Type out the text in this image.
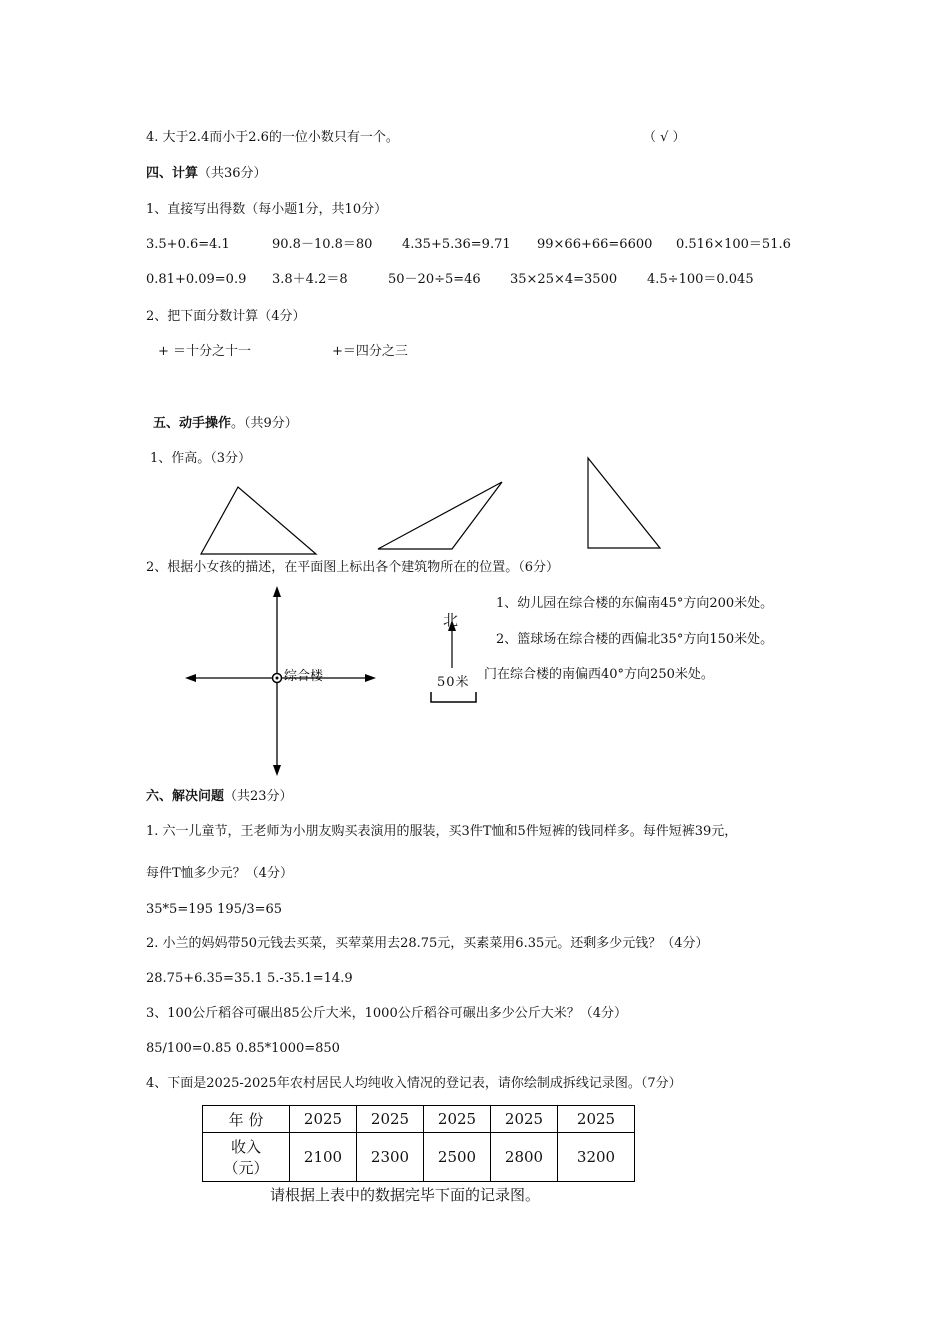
4. 大于2.4而小于2.6的一位小数只有一个。	（ √ ）
四、计算（共36分）
1、直接写出得数（每小题1分，共10分）
3.5+0.6=4.1	90.8－10.8＝80 4.35+5.36=9.71 99×66+66=6600 0.516×100＝51.6
0.81+0.09=0.9 3.8＋4.2＝8	50－20÷5=46 35×25×4=3500 4.5÷100＝0.045
2、把下面分数计算（4分）
+ ＝十分之十一	+＝四分之三
五、动手操作。（共9分）
1、作高。（3分）
2、根据小女孩的描述，在平面图上标出各个建筑物所在的位置。（6分）
综合楼
北
50米
1、幼儿园在综合楼的东偏南45°方向200米处。
2、篮球场在综合楼的西偏北35°方向150米处。
门在综合楼的南偏西40°方向250米处。
六、解决问题（共23分）
1. 六一儿童节，王老师为小朋友购买表演用的服装，买3件T恤和5件短裤的钱同样多。每件短裤39元，
每件T恤多少元？（4分）
35*5=195 195/3=65
2. 小兰的妈妈带50元钱去买菜，买荤菜用去28.75元，买素菜用6.35元。还剩多少元钱？（4分）
28.75+6.35=35.1 5.-35.1=14.9
3、100公斤稻谷可碾出85公斤大米，1000公斤稻谷可碾出多少公斤大米？（4分）
85/100=0.85 0.85*1000=850
4、下面是2025-2025年农村居民人均纯收入情况的登记表，请你绘制成拆线记录图。（7分）
年 份	2025	2025	2025	2025	2025

收入
（元）	2100	2300	2500	2800	3200
请根据上表中的数据完毕下面的记录图。
